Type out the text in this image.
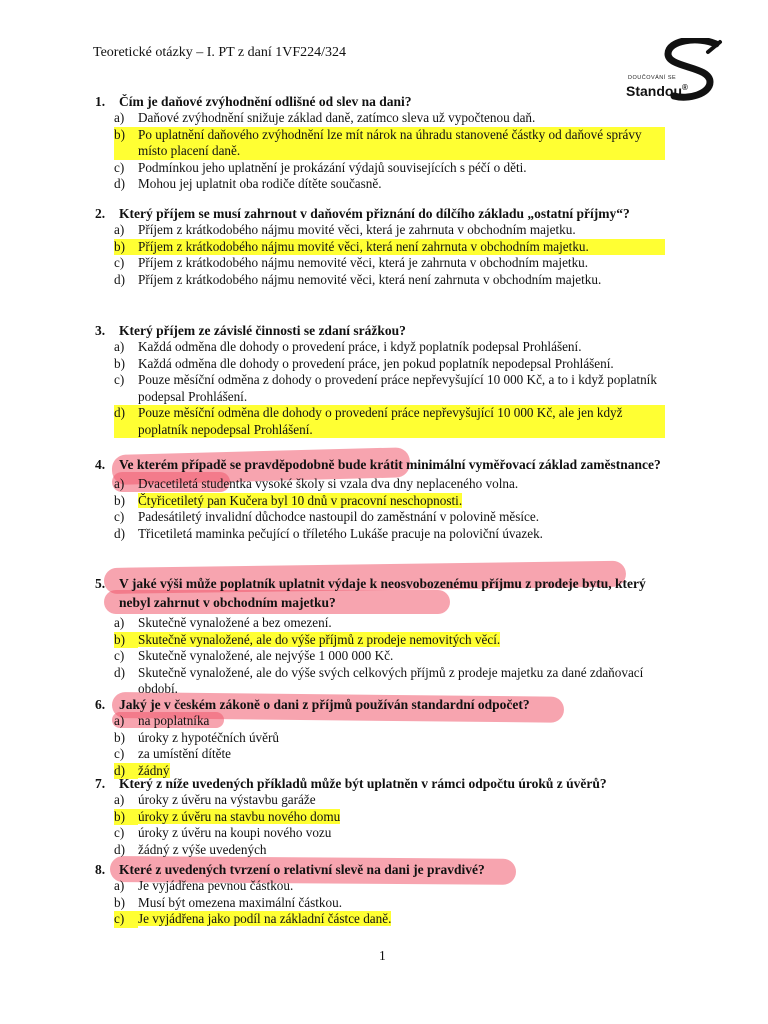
Teoretické otázky – I. PT z daní 1VF224/324
DOUČOVÁNÍ SE
Standou®
1.	Čím je daňové zvýhodnění odlišné od slev na dani?
a)	Daňové zvýhodnění snižuje základ daně, zatímco sleva už vypočtenou daň.
b) Po uplatnění daňového zvýhodnění lze mít nárok na úhradu stanovené částky od daňové správy místo placení daně.
c)	Podmínkou jeho uplatnění je prokázání výdajů souvisejících s péčí o děti.
d) Mohou jej uplatnit oba rodiče dítěte současně.
2.	Který příjem se musí zahrnout v daňovém přiznání do dílčího základu „ostatní příjmy“?
a)	Příjem z krátkodobého nájmu movité věci, která je zahrnuta v obchodním majetku.
b) Příjem z krátkodobého nájmu movité věci, která není zahrnuta v obchodním majetku.
c)	Příjem z krátkodobého nájmu nemovité věci, která je zahrnuta v obchodním majetku.
d) Příjem z krátkodobého nájmu nemovité věci, která není zahrnuta v obchodním majetku.
3.	Který příjem ze závislé činnosti se zdaní srážkou?
a)	Každá odměna dle dohody o provedení práce, i když poplatník podepsal Prohlášení.
b) Každá odměna dle dohody o provedení práce, jen pokud poplatník nepodepsal Prohlášení.
c)	Pouze měsíční odměna z dohody o provedení práce nepřevyšující 10 000 Kč, a to i když poplatník podepsal Prohlášení.
d) Pouze měsíční odměna dle dohody o provedení práce nepřevyšující 10 000 Kč, ale jen když poplatník nepodepsal Prohlášení.
4.	Ve kterém případě se pravděpodobně bude krátit minimální vyměřovací základ zaměstnance?
a)	Dvacetiletá studentka vysoké školy si vzala dva dny neplaceného volna.
b) Čtyřicetiletý pan Kučera byl 10 dnů v pracovní neschopnosti.
c)	Padesátiletý invalidní důchodce nastoupil do zaměstnání v polovině měsíce.
d) Třicetiletá maminka pečující o tříletého Lukáše pracuje na poloviční úvazek.
5.	V jaké výši může poplatník uplatnit výdaje k neosvobozenému příjmu z prodeje bytu, který nebyl zahrnut v obchodním majetku?
a)	Skutečně vynaložené a bez omezení.
b) Skutečně vynaložené, ale do výše příjmů z prodeje nemovitých věcí.
c)	Skutečně vynaložené, ale nejvýše 1 000 000 Kč.
d) Skutečně vynaložené, ale do výše svých celkových příjmů z prodeje majetku za dané zdaňovací období.
6.	Jaký je v českém zákoně o dani z příjmů používán standardní odpočet?
a)	na poplatníka
b) úroky z hypotéčních úvěrů
c)	za umístění dítěte
d) žádný
7.	Který z níže uvedených příkladů může být uplatněn v rámci odpočtu úroků z úvěrů?
a)	úroky z úvěru na výstavbu garáže
b) úroky z úvěru na stavbu nového domu
c)	úroky z úvěru na koupi nového vozu
d) žádný z výše uvedených
8.	Které z uvedených tvrzení o relativní slevě na dani je pravdivé?
a)	Je vyjádřena pevnou částkou.
b) Musí být omezena maximální částkou.
c)	Je vyjádřena jako podíl na základní částce daně.
1
